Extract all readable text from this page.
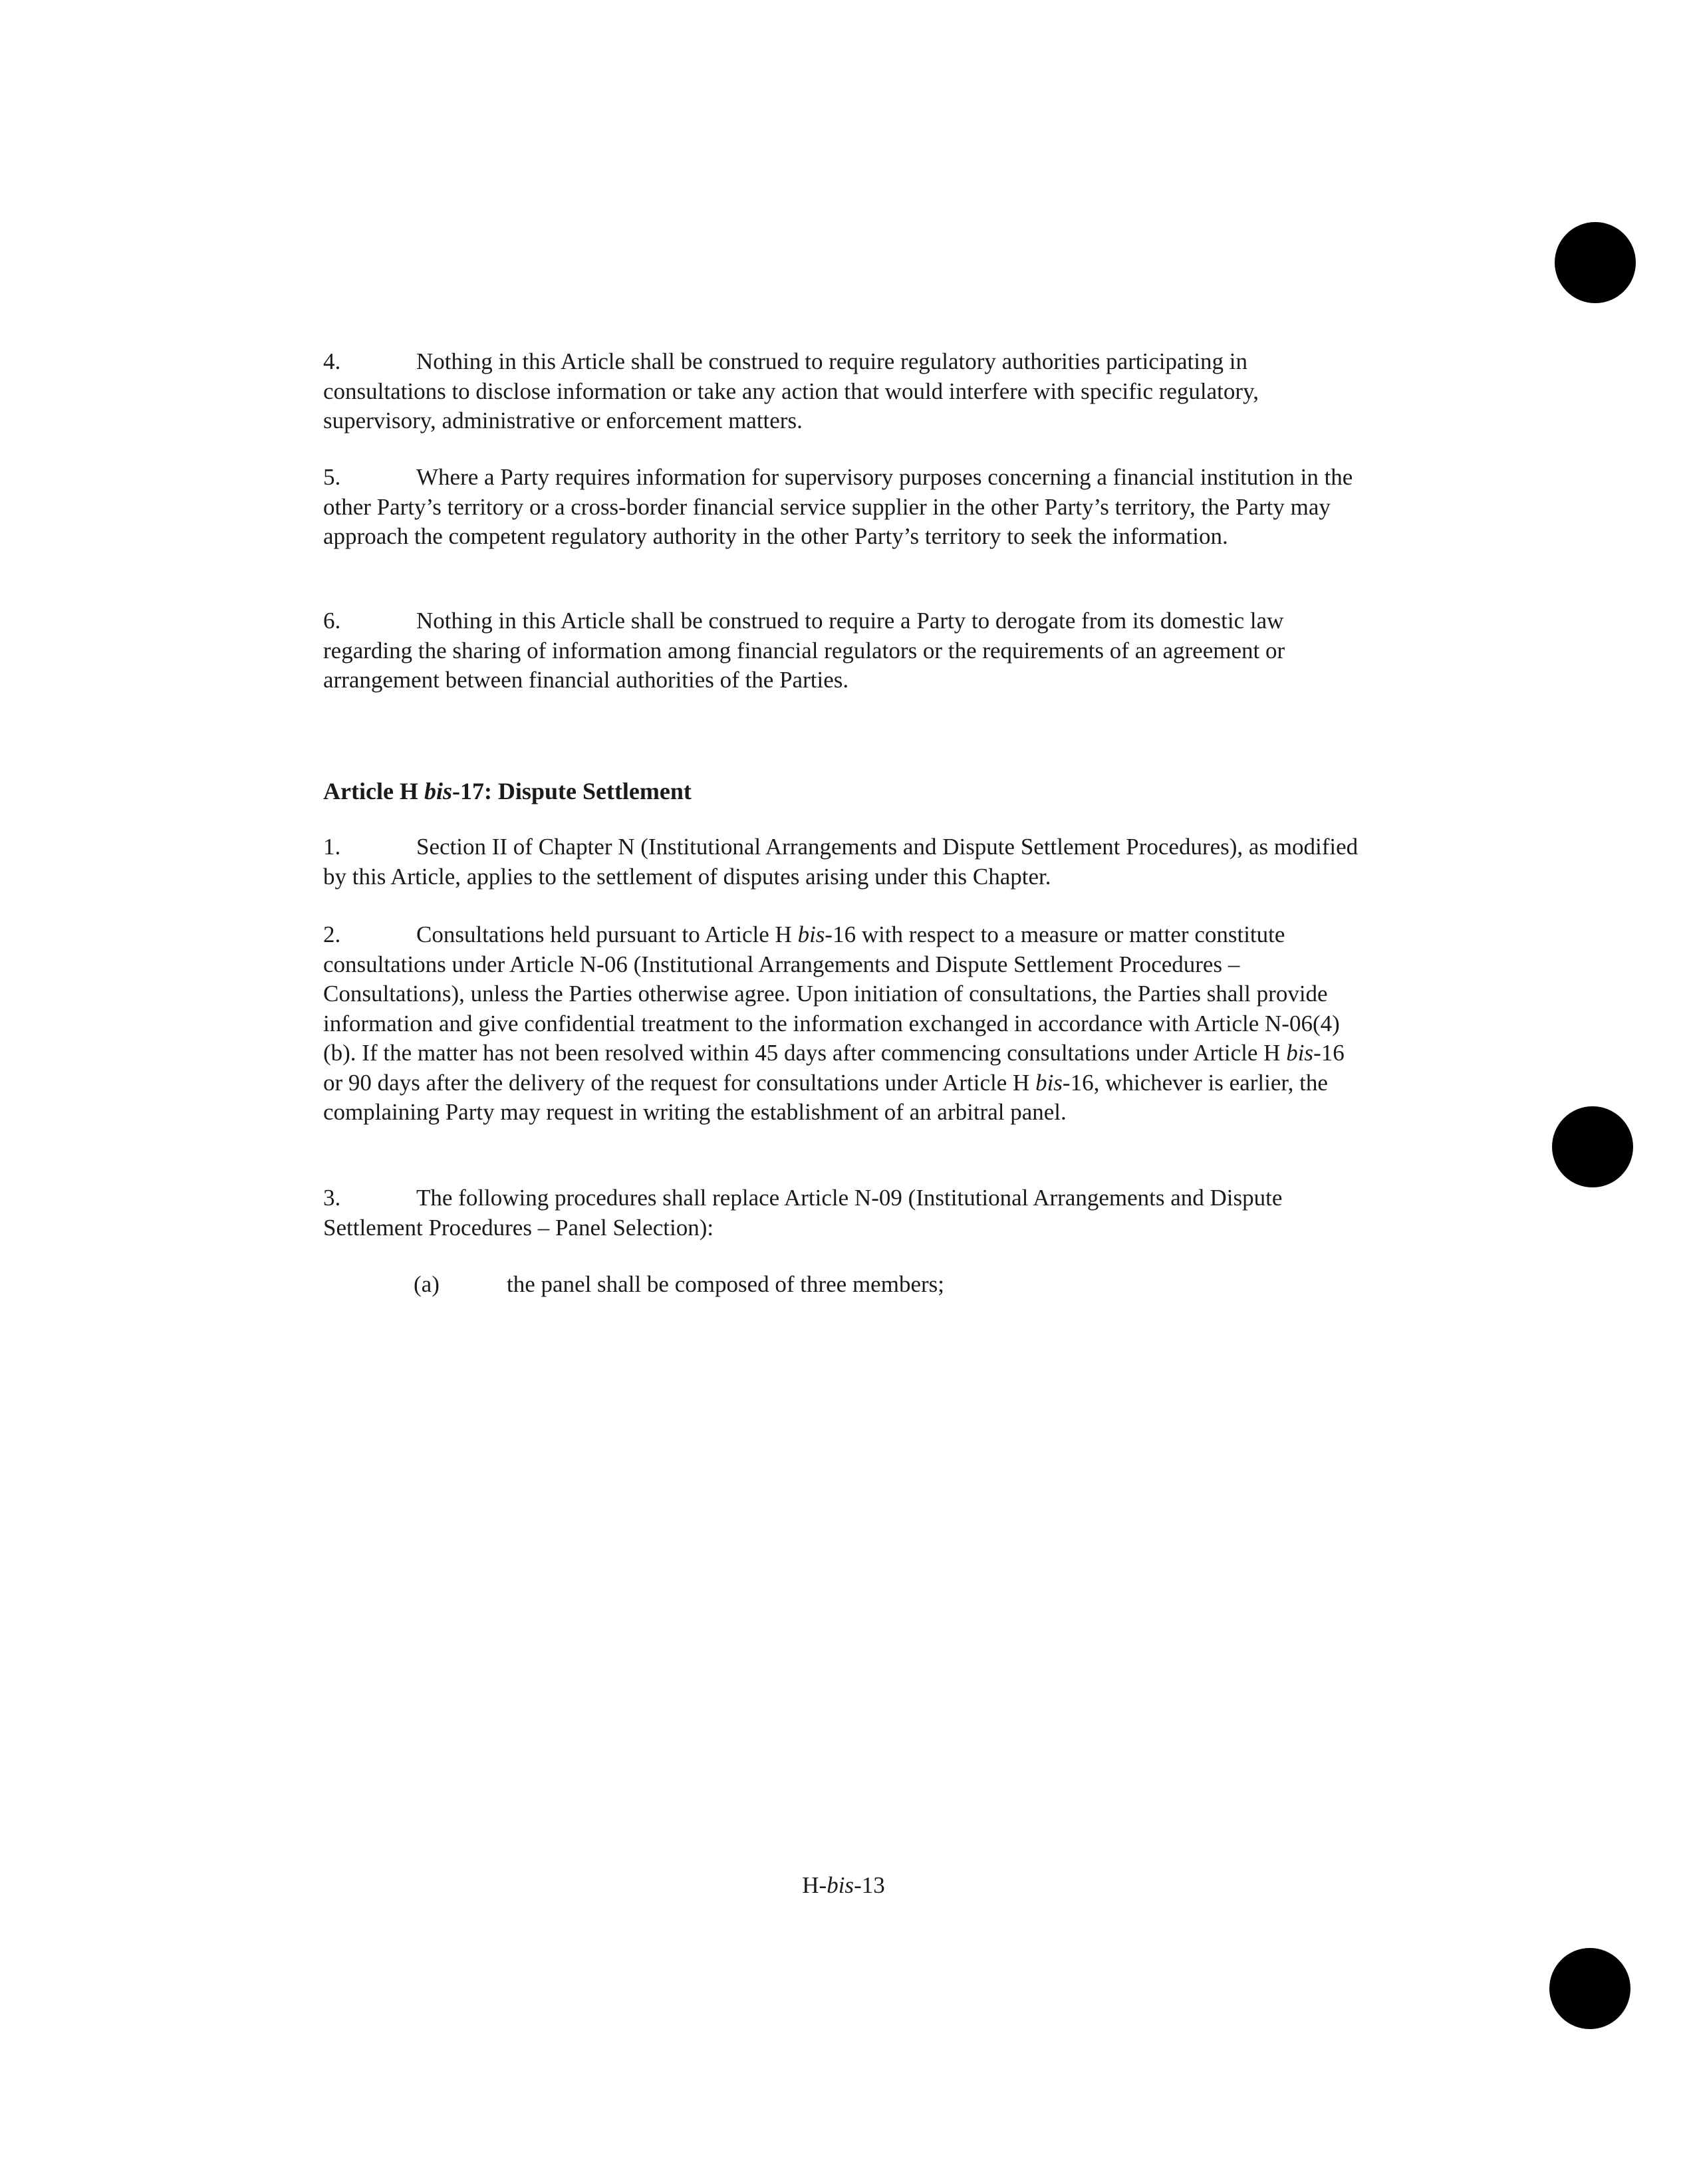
4.	Nothing in this Article shall be construed to require regulatory authorities participating in consultations to disclose information or take any action that would interfere with specific regulatory, supervisory, administrative or enforcement matters.
5.	Where a Party requires information for supervisory purposes concerning a financial institution in the other Party’s territory or a cross-border financial service supplier in the other Party’s territory, the Party may approach the competent regulatory authority in the other Party’s territory to seek the information.
6.	Nothing in this Article shall be construed to require a Party to derogate from its domestic law regarding the sharing of information among financial regulators or the requirements of an agreement or arrangement between financial authorities of the Parties.
Article H bis-17: Dispute Settlement
1.	Section II of Chapter N (Institutional Arrangements and Dispute Settlement Procedures), as modified by this Article, applies to the settlement of disputes arising under this Chapter.
2.	Consultations held pursuant to Article H bis-16 with respect to a measure or matter constitute consultations under Article N-06 (Institutional Arrangements and Dispute Settlement Procedures – Consultations), unless the Parties otherwise agree. Upon initiation of consultations, the Parties shall provide information and give confidential treatment to the information exchanged in accordance with Article N-06(4)(b). If the matter has not been resolved within 45 days after commencing consultations under Article H bis-16 or 90 days after the delivery of the request for consultations under Article H bis-16, whichever is earlier, the complaining Party may request in writing the establishment of an arbitral panel.
3.	The following procedures shall replace Article N-09 (Institutional Arrangements and Dispute Settlement Procedures – Panel Selection):
(a)	the panel shall be composed of three members;
H-bis-13
